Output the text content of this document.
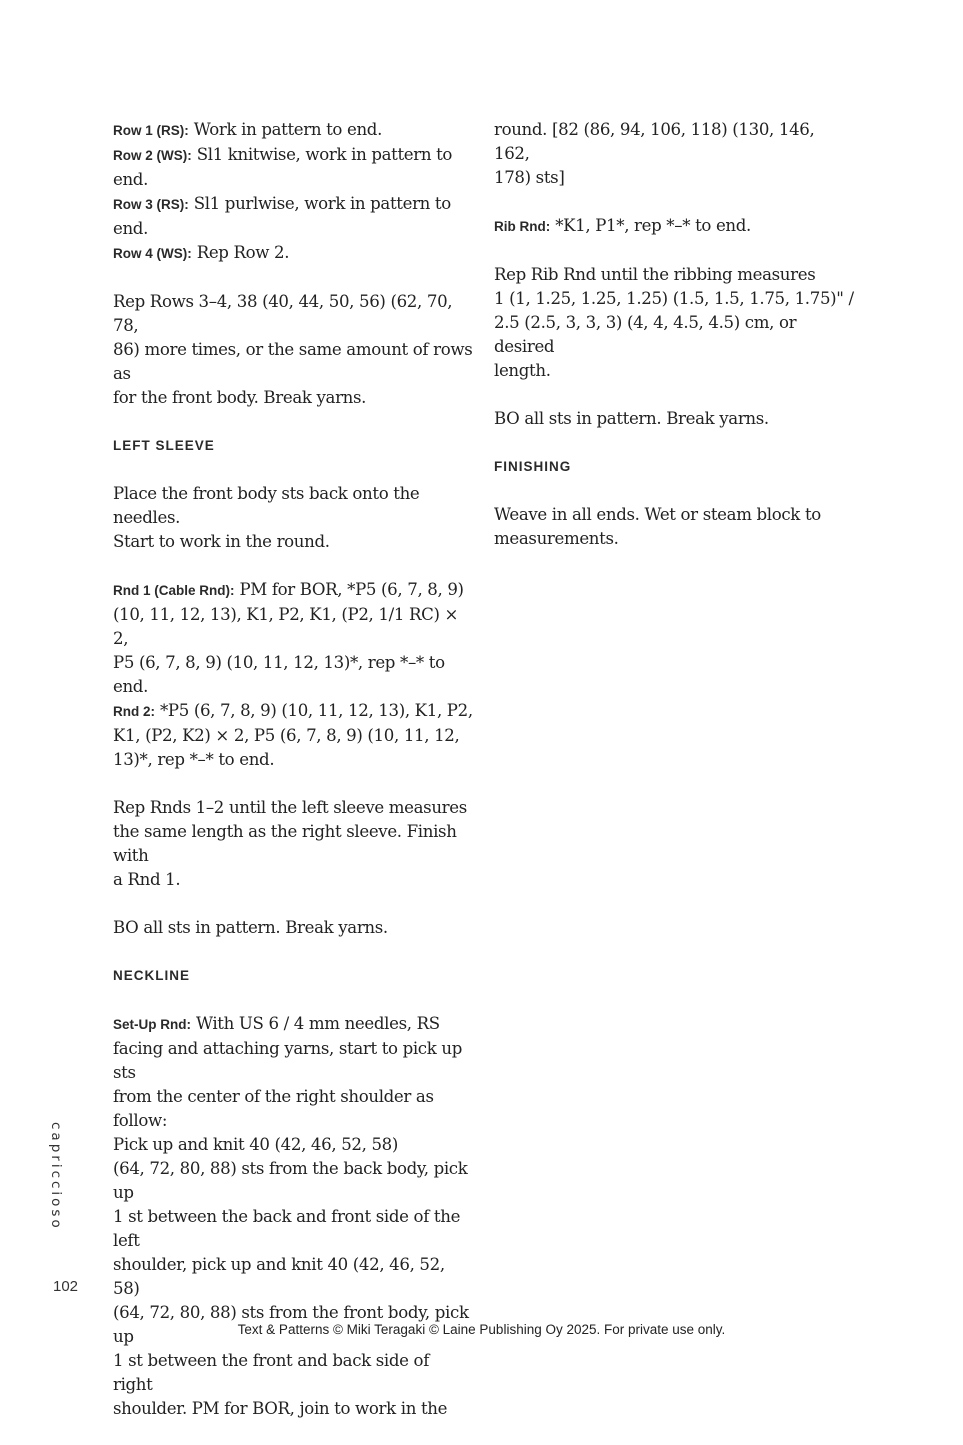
Row 1 (RS): Work in pattern to end.
Row 2 (WS): Sl1 knitwise, work in pattern to
end.
Row 3 (RS): Sl1 purlwise, work in pattern to
end.
Row 4 (WS): Rep Row 2.
Rep Rows 3–4, 38 (40, 44, 50, 56) (62, 70, 78,
86) more times, or the same amount of rows as
for the front body. Break yarns.
LEFT SLEEVE
Place the front body sts back onto the needles.
Start to work in the round.
Rnd 1 (Cable Rnd): PM for BOR, *P5 (6, 7, 8, 9)
(10, 11, 12, 13), K1, P2, K1, (P2, 1/1 RC) × 2,
P5 (6, 7, 8, 9) (10, 11, 12, 13)*, rep *–* to end.
Rnd 2: *P5 (6, 7, 8, 9) (10, 11, 12, 13), K1, P2,
K1, (P2, K2) × 2, P5 (6, 7, 8, 9) (10, 11, 12,
13)*, rep *–* to end.
Rep Rnds 1–2 until the left sleeve measures
the same length as the right sleeve. Finish with
a Rnd 1.
BO all sts in pattern. Break yarns.
NECKLINE
Set-Up Rnd: With US 6 / 4 mm needles, RS
facing and attaching yarns, start to pick up sts
from the center of the right shoulder as follow:
Pick up and knit 40 (42, 46, 52, 58)
(64, 72, 80, 88) sts from the back body, pick up
1 st between the back and front side of the left
shoulder, pick up and knit 40 (42, 46, 52, 58)
(64, 72, 80, 88) sts from the front body, pick up
1 st between the front and back side of right
shoulder. PM for BOR, join to work in the
round. [82 (86, 94, 106, 118) (130, 146, 162,
178) sts]
Rib Rnd: *K1, P1*, rep *–* to end.
Rep Rib Rnd until the ribbing measures
1 (1, 1.25, 1.25, 1.25) (1.5, 1.5, 1.75, 1.75)" /
2.5 (2.5, 3, 3, 3) (4, 4, 4.5, 4.5) cm, or desired
length.
BO all sts in pattern. Break yarns.
FINISHING
Weave in all ends. Wet or steam block to
measurements.
capriccioso
102
Text & Patterns © Miki Teragaki © Laine Publishing Oy 2025. For private use only.
